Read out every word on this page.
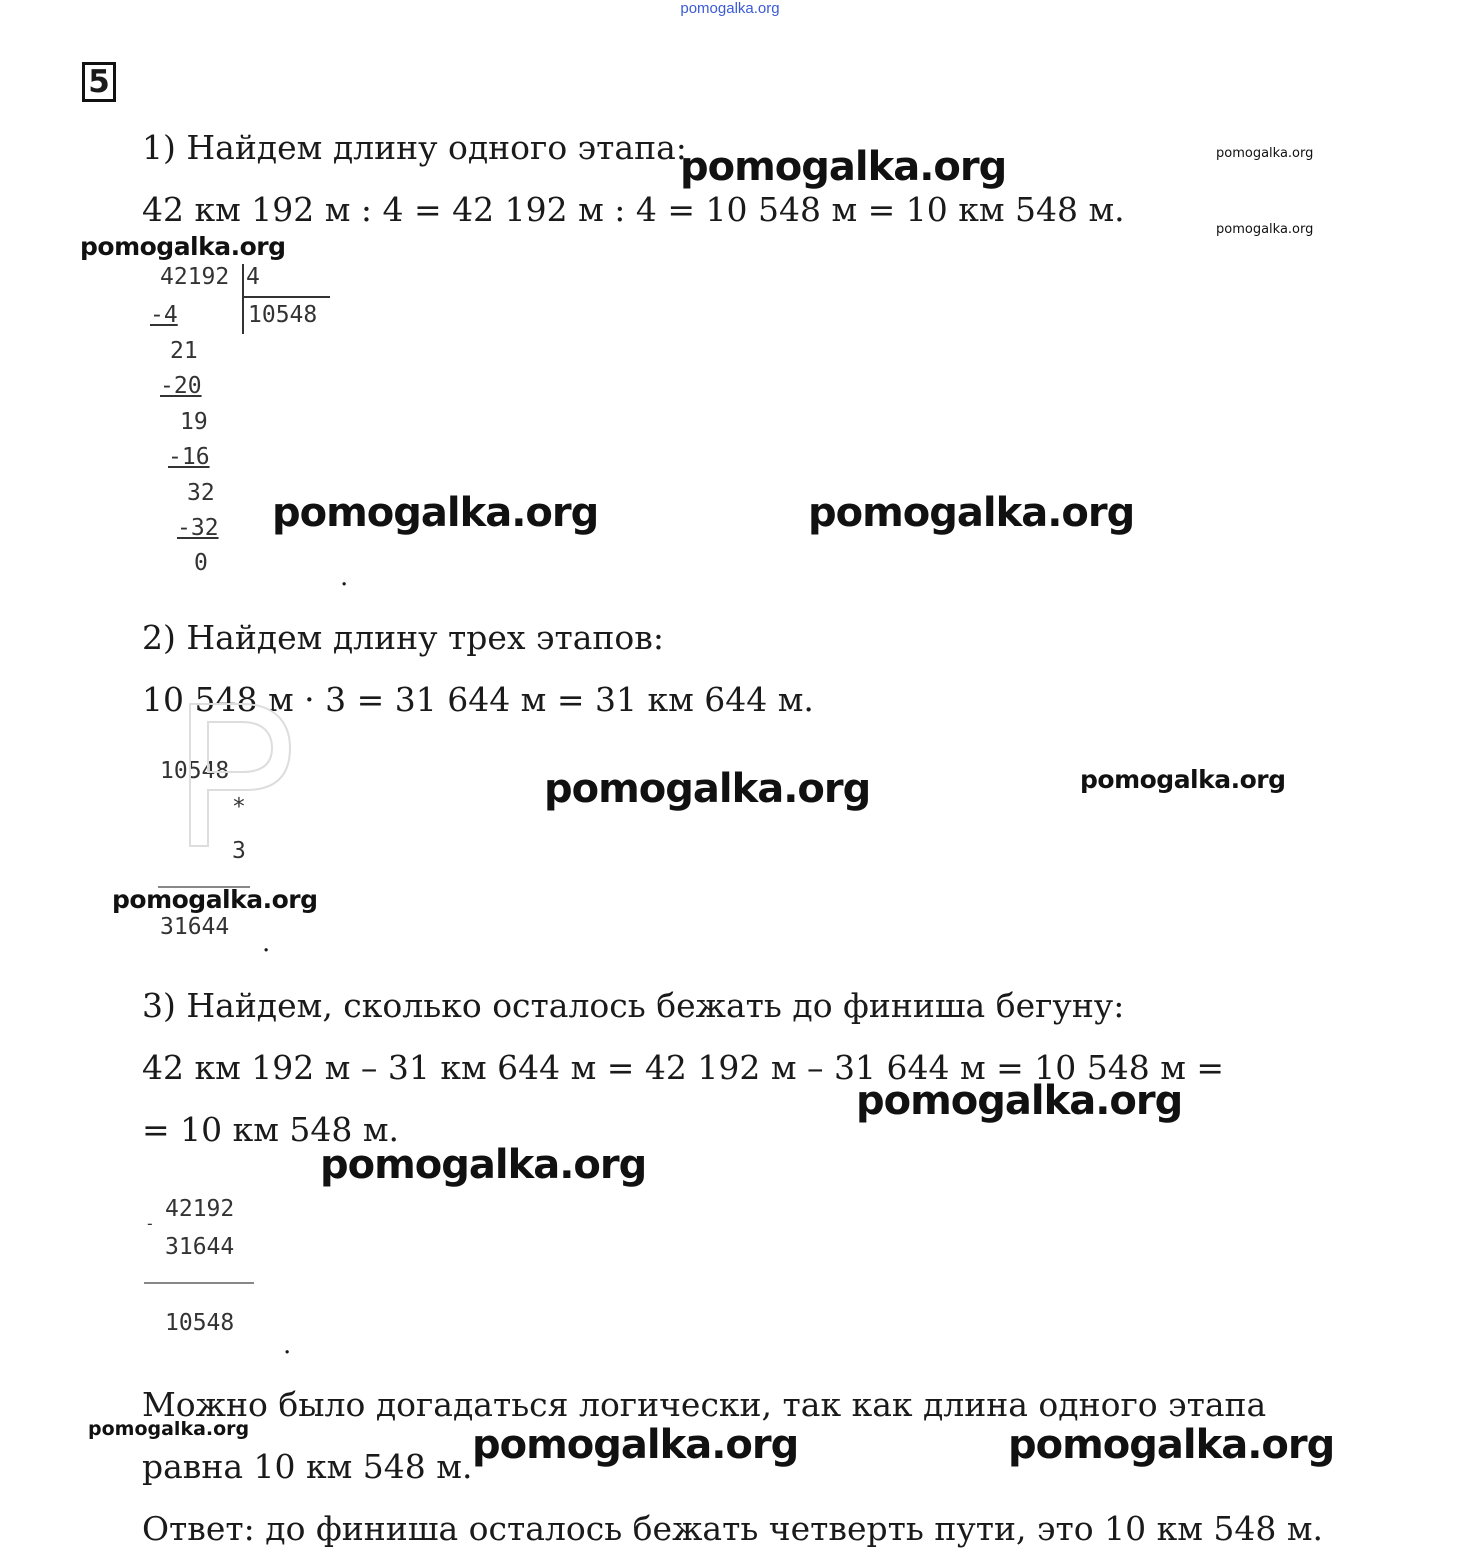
pomogalka.org
5
1) Найдем длину одного этапа:
42 км 192 м : 4 = 42 192 м : 4 = 10 548 м = 10 км 548 м.
42192 4
10548
-4
21
-20
19
-16
32
-32
0	.
2) Найдем длину трех этапов:
10 548 м · 3 = 31 644 м = 31 км 644 м.
10548
*
3
31644
.
3) Найдем, сколько осталось бежать до финиша бегуну:
42 км 192 м – 31 км 644 м = 42 192 м – 31 644 м = 10 548 м =
= 10 км 548 м.
-
42192
31644
10548
.
Можно было догадаться логически, так как длина одного этапа
равна 10 км 548 м.
Ответ: до финиша осталось бежать четверть пути, это 10 км 548 м.
pomogalka.org	pomogalka.org
pomogalka.org
pomogalka.org
pomogalka.org	pomogalka.org
pomogalka.org	pomogalka.org
pomogalka.org
pomogalka.org
pomogalka.org
pomogalka.org	pomogalka.org	pomogalka.org
